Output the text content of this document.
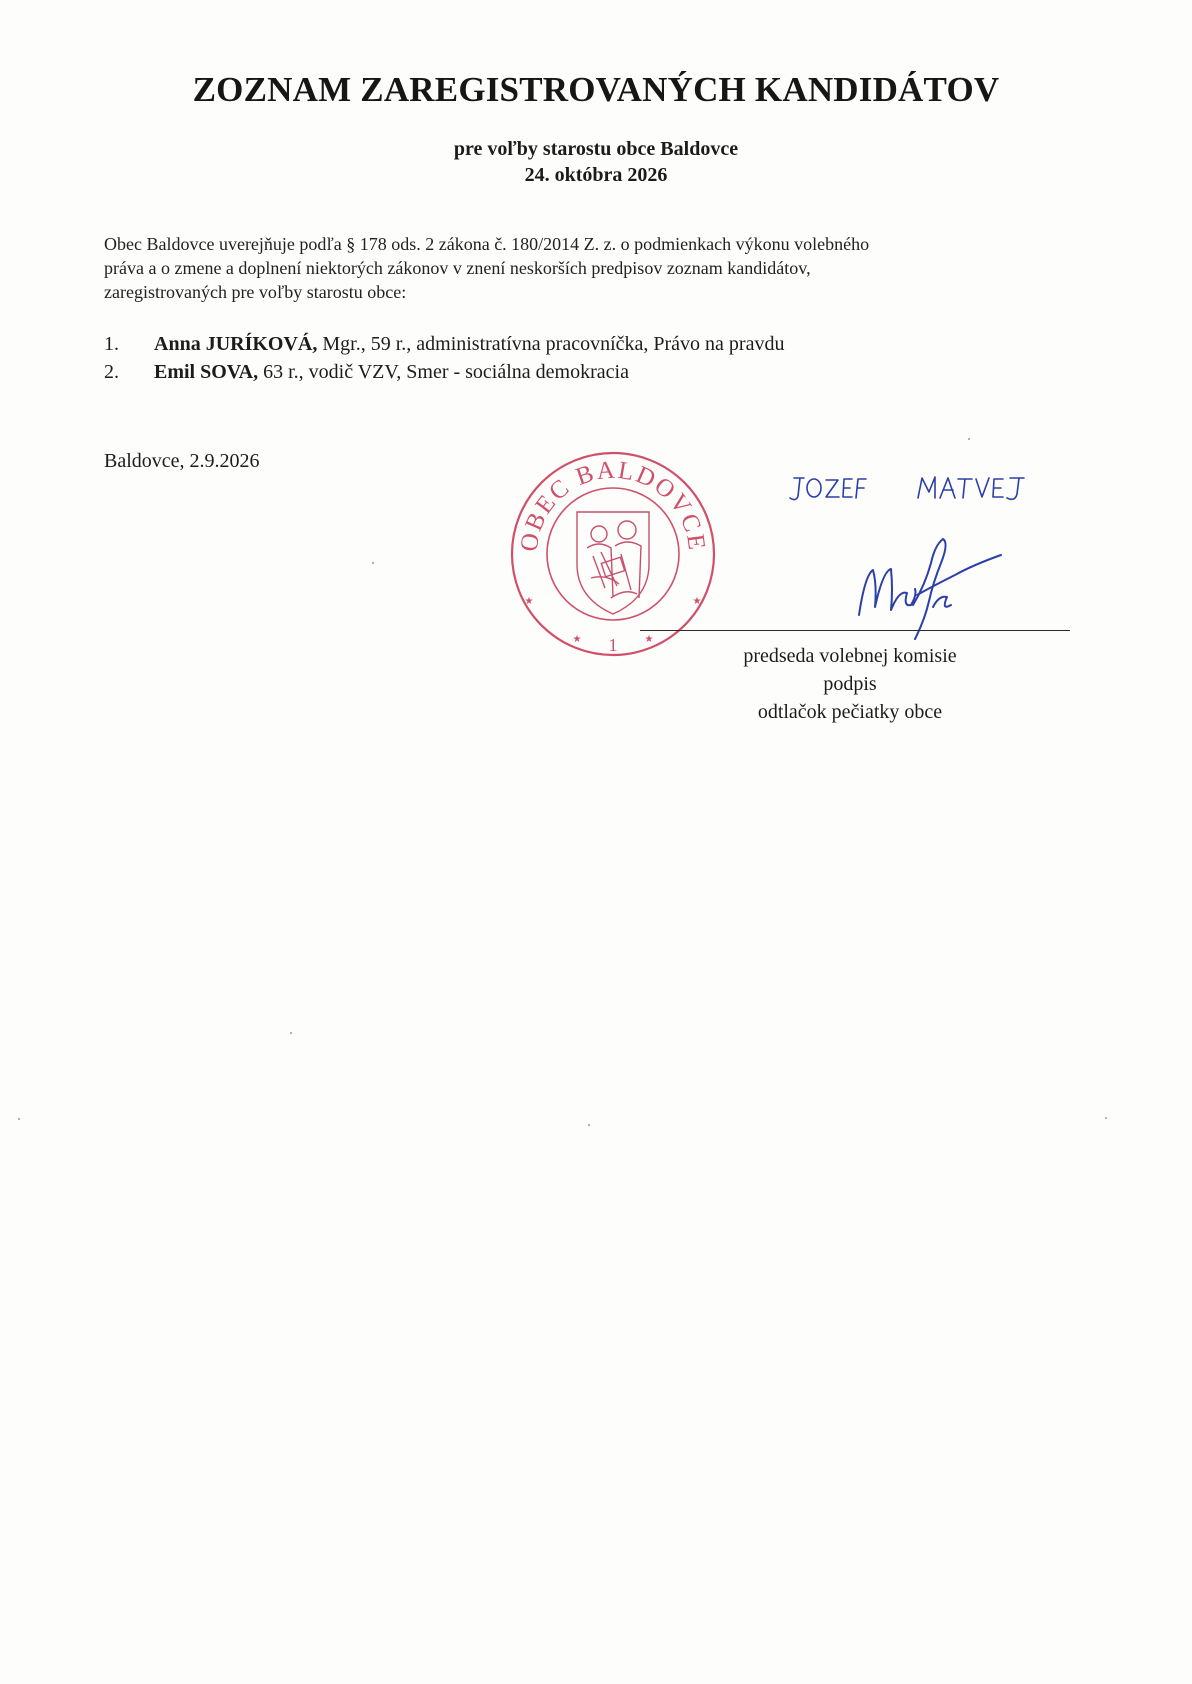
ZOZNAM ZAREGISTROVANÝCH KANDIDÁTOV
pre voľby starostu obce Baldovce
24. októbra 2026
Obec Baldovce uverejňuje podľa § 178 ods. 2 zákona č. 180/2014 Z. z. o podmienkach výkonu volebného
práva a o zmene a doplnení niektorých zákonov v znení neskorších predpisov zoznam kandidátov,
zaregistrovaných pre voľby starostu obce:
1.	Anna JURÍKOVÁ, Mgr., 59 r., administratívna pracovníčka, Právo na pravdu
2.	Emil SOVA, 63 r., vodič VZV, Smer - sociálna demokracia
Baldovce, 2.9.2026
OBEC BALDOVCE
★	★
★	★
1	predseda volebnej komisie
podpis
odtlačok pečiatky obce
